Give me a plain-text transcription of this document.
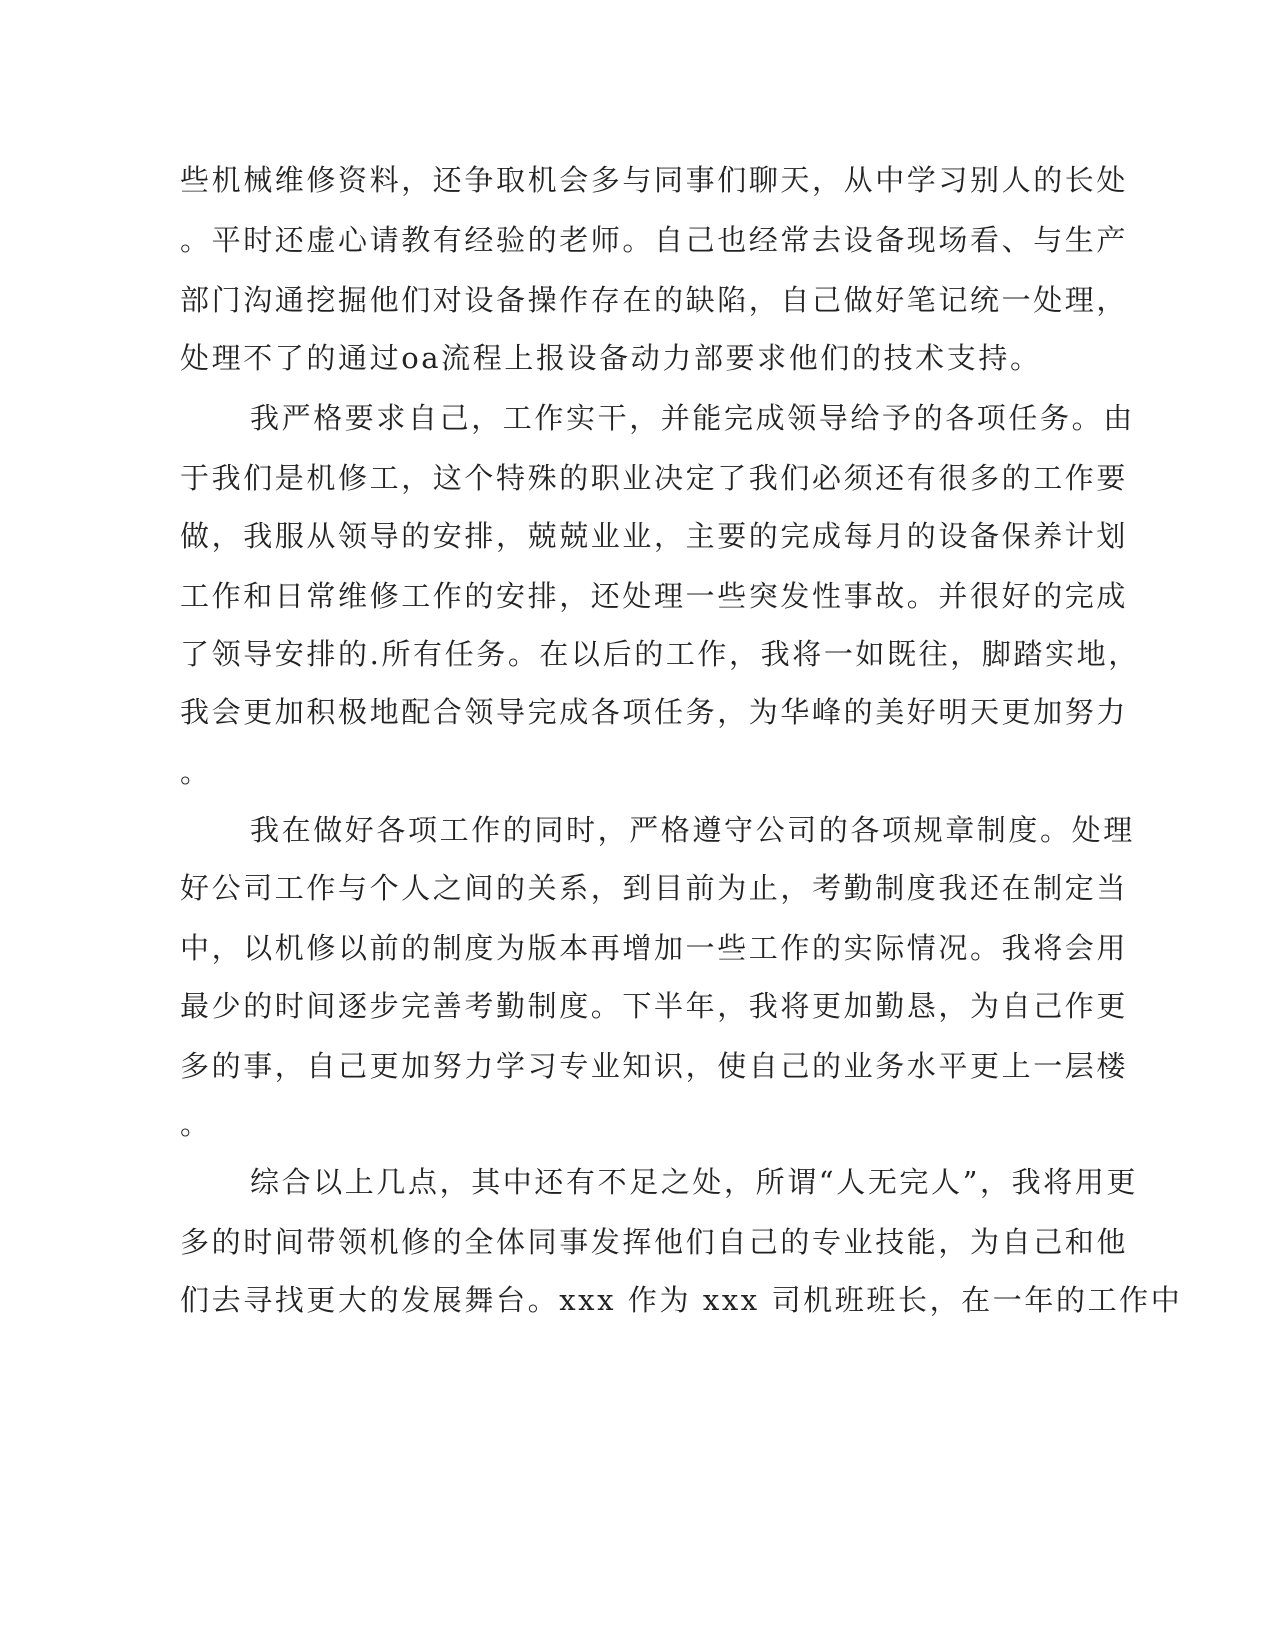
些机械维修资料，还争取机会多与同事们聊天，从中学习别人的长处
。平时还虚心请教有经验的老师。自己也经常去设备现场看、与生产
部门沟通挖掘他们对设备操作存在的缺陷，自己做好笔记统一处理，
处理不了的通过oa流程上报设备动力部要求他们的技术支持。
我严格要求自己，工作实干，并能完成领导给予的各项任务。由
于我们是机修工，这个特殊的职业决定了我们必须还有很多的工作要
做，我服从领导的安排，兢兢业业，主要的完成每月的设备保养计划
工作和日常维修工作的安排，还处理一些突发性事故。并很好的完成
了领导安排的.所有任务。在以后的工作，我将一如既往，脚踏实地，
我会更加积极地配合领导完成各项任务，为华峰的美好明天更加努力
。
我在做好各项工作的同时，严格遵守公司的各项规章制度。处理
好公司工作与个人之间的关系，到目前为止，考勤制度我还在制定当
中，以机修以前的制度为版本再增加一些工作的实际情况。我将会用
最少的时间逐步完善考勤制度。下半年，我将更加勤恳，为自己作更
多的事，自己更加努力学习专业知识，使自己的业务水平更上一层楼
。
综合以上几点，其中还有不足之处，所谓“人无完人”，我将用更
多的时间带领机修的全体同事发挥他们自己的专业技能，为自己和他
们去寻找更大的发展舞台。xxx 作为 xxx 司机班班长，在一年的工作中
